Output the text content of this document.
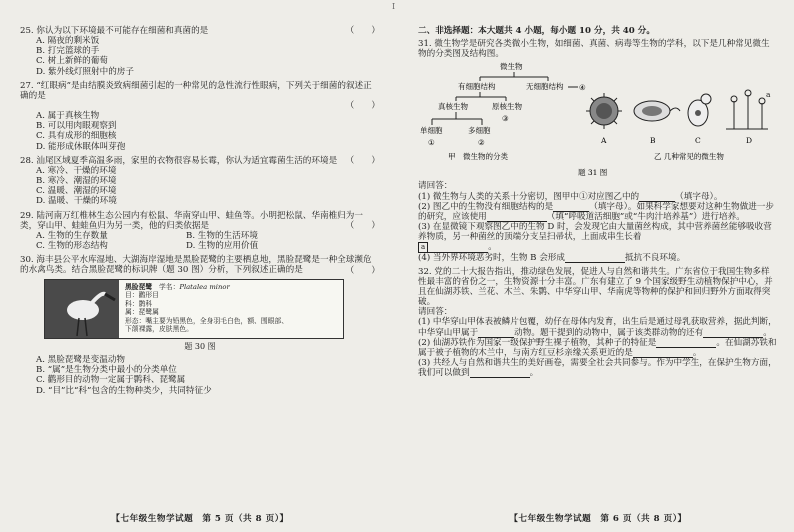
I
25. 你认为以下环境最不可能存在细菌和真菌的是	（　　）
A. 隔夜的剩米饭
B. 打完篮球的手
C. 树上新鲜的葡萄
D. 紫外线灯照射中的房子
27. “红眼病”是由结膜炎致病细菌引起的一种常见的急性流行性眼病，下列关于细菌的叙述正确的是
（　　）
A. 属于真核生物
B. 可以用肉眼观察到
C. 具有成形的细胞核
D. 能形成休眠体叫芽孢
28. 汕尾区域夏季高温多雨，家里的衣物很容易长霉，你认为适宜霉菌生活的环境是 （　　）
A. 寒冷、干燥的环境
B. 寒冷、潮湿的环境
C. 温暖、潮湿的环境
D. 温暖、干燥的环境
29. 陆河南万红椎林生态公园内有松鼠、华南穿山甲、蛙鱼等。小明把松鼠、华南椎归为一类，穿山甲、蛙蛙鱼归为另一类，他的归类依据是	（　　）
A. 生物的生存数量	B. 生物的生活环境
C. 生物的形态结构	D. 生物的应用价值
30. 海丰县公平水库湿地、大湖海岸湿地是黑脸琵鹭的主要栖息地，黑脸琵鹭是一种全球濒危的水禽鸟类。结合黑脸琵鹭的标识牌（题 30 图）分析，下列叙述正确的是	（　　）
黑脸琵鹭　 学名：Platalea minor
目：鹳形目
科：鹮科
属：琵鹭属
形态：嘴主要为铅黑色，全身羽毛白色，额、围眼部、
下颌裸露，皮肤黑色。
题 30 图
A. 黑脸琵鹭是变温动物
B. “属”是生物分类中最小的分类单位
C. 鹳形目的动物一定属于鹮科、琵鹭属
D. “目”比“科”包含的生物种类少，共同特征少
【七年级生物学试题　第 5 页（共 8 页）】
二、非选择题：本大题共 4 小题，每小题 10 分，共 40 分。
31. 微生物学是研究各类微小生物，如细菌、真菌、病毒等生物的学科，以下是几种常见微生物的分类图及结构图。
微生物
有细胞结构	无细胞结构 ④
真核生物	原核生物
③
单细胞	多细胞
①	②
甲　微生物的分类
A	B	C
a
D
乙 几种常见的微生物
题 31 图
请回答：
(1) 微生物与人类的关系十分密切，图甲中①对应图乙中的	（填字母）。
(2) 图乙中的生物没有细胞结构的是	（填字母）。如果科学家想要对这种生物做进一步的研究，应该使用	（填“呼吸道活细胞”或“牛肉汁培养基”）进行培养。
(3) 在显微镜下观察图乙中的生物 D 时，会发现它由大量菌丝构成，其中营养菌丝能够吸收营养物质，另一种菌丝的顶端分支呈扫帚状，上面成串生长着
a	。
(4) 当外界环境恶劣时，生物 B 会形成	抵抗不良环境。
32. 党的二十大报告指出，推动绿色发展，促进人与自然和谐共生。广东省位于我国生物多样性最丰富的省份之一，生物资源十分丰富。广东有建立了 9 个国家级野生动植物保护中心，并且在仙湖苏铁、兰花、木兰、朱鹮、中华穿山甲、华南虎等物种的保护和回归野外方面取得突破。
请回答：
(1) 中华穿山甲体表被鳞片包覆，幼仔在母体内发育，出生后是通过母乳获取营养，据此判断，中华穿山甲属于	动物。题干提到的动物中，属于该类群动物的还有	。
(2) 仙湖苏铁作为国家一级保护野生裸子植物，其种子的特征是	。在仙湖苏铁和属于被子植物的木兰中，与南方红豆杉亲缘关系更近的是	。
(3) 共经人与自然和谐共生的美好画卷，需要全社会共同参与。作为中学生，在保护生物方面，我们可以做到	。
【七年级生物学试题　第 6 页（共 8 页）】
